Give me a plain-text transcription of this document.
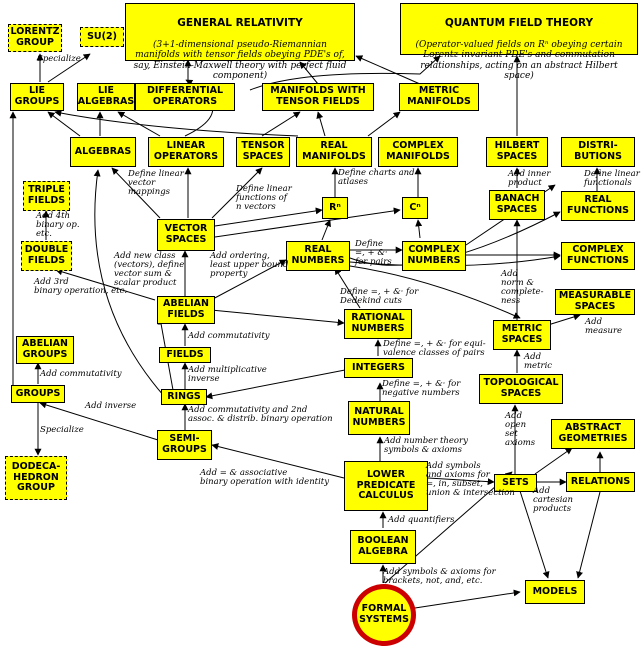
LORENTZ
GROUP
SU(2)

GENERAL RELATIVITY

(3+1-dimensional pseudo-Riemannian manifolds with tensor fields obeying PDE's of, say, Einstein-Maxwell theory with perfect fluid component)

QUANTUM FIELD THEORY

(Operator-valued fields on Rⁿ obeying certain Lorentz-invariant PDE's and commutation relationships, acting on an abstract Hilbert space)

LIE
GROUPS
LIE
ALGEBRAS
DIFFERENTIAL
OPERATORS
MANIFOLDS WITH
TENSOR FIELDS
METRIC
MANIFOLDS
ALGEBRAS	LINEAR
OPERATORS
TENSOR
SPACES
REAL
MANIFOLDS
COMPLEX
MANIFOLDS
HILBERT
SPACES
DISTRI-
BUTIONS
TRIPLE
FIELDS
Rⁿ	Cⁿ
BANACH
SPACES
REAL
FUNCTIONS
VECTOR
SPACES
DOUBLE
FIELDS
REAL
NUMBERS
COMPLEX
NUMBERS
COMPLEX
FUNCTIONS
ABELIAN
FIELDS	RATIONAL
NUMBERS
MEASURABLE
SPACES
ABELIAN
GROUPS	FIELDS
METRIC
SPACES
INTEGERS
GROUPS	RINGS
TOPOLOGICAL
SPACES
NATURAL
NUMBERS	ABSTRACT
GEOMETRIES
SEMI-
GROUPS
DODECA-
HEDRON
GROUP
LOWER
PREDICATE
CALCULUS
SETS	RELATIONS
BOOLEAN
ALGEBRA
MODELS
FORMAL
SYSTEMS
Specialize
Specialize
Define linear
vector
mappings	Define linear
functions of
n vectors
Define charts and
atlases
Add inner
product
Define linear
functionals
Add 4th
binary op.
etc.
Define
=, + &·
for pairs
Add new class
(vectors), define
vector sum &
scalar product
Add ordering,
least upper bound
property
Add 3rd
binary operation, etc.
Add
norm &
complete-
ness
Define =, + &· for
Dedekind cuts
Add
measure
Add commutativity
Define =, + &· for equi-
valence classes of pairs
Add commutativity	Add multiplicative
inverse
Add
metric
Define =, + &· for
negative numbers
Add inverse	Add commutativity and 2nd
assoc. & distrib. binary operation	Add
open
set
axioms
Add number theory
symbols & axioms
Add = & associative
binary operation with identity
Add symbols
and axioms for
=, in, subset,
union & intersection Add
cartesian
products
Add quantifiers
Add symbols & axioms for
brackets, not, and, etc.
